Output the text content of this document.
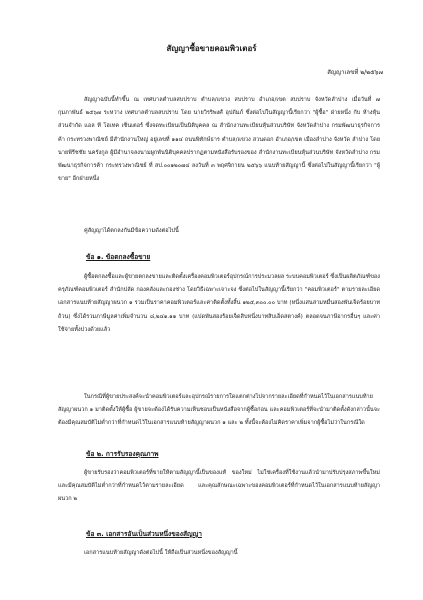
สัญญาซื้อขายคอมพิวเตอร์
สัญญาเลขที่ ๒/๒๕๖๗

สัญญาฉบับนี้ทำขึ้น ณ เทศบาลตำบลสบปราบ ตำบล/แขวง สบปราบ อำเภอ/เขต สบปราบ จังหวัดลำปาง เมื่อวันที่ ๗ กุมภาพันธ์ ๒๕๖๗ ระหว่าง เทศบาลตำบลสบปราบ โดย นายวิรริพงศ์ อุปถัมภ์ ซึ่งต่อไปในสัญญานี้เรียกว่า "ผู้ซื้อ" ฝ่ายหนึ่ง กับ ห้างหุ้นส่วนจำกัด แอล ที โฮเทค เซ็นเตอร์ ซึ่งจดทะเบียนเป็นนิติบุคคล ณ สำนักงานทะเบียนหุ้นส่วนบริษัท จังหวัดลำปาง กรมพัฒนาธุรกิจการค้า กระทรวงพาณิชย์ มีสำนักงานใหญ่ อยู่เลขที่ ๑๑๔ ถนนพิทักษ์ธาร ตำบล/แขวง สวนดอก อำเภอ/เขต เมืองลำปาง จังหวัด ลำปาง โดยนายพีรีชชัย นครังกูล ผู้มีอำนาจลงนามผูกพันนิติบุคคลปรากฏตามหนังสือรับรองของ สำนักงานทะเบียนหุ้นส่วนบริษัท จังหวัดลำปาง กรมพัฒนาธุรกิจการค้า กระทรวงพาณิชย์ ที่ สป.๐๐๑๒๐๗๔ ลงวันที่ ๓ พฤศจิกายน ๒๕๖๖ แนบท้ายสัญญานี้ ซึ่งต่อไปในสัญญานี้เรียกว่า "ผู้ขาย" อีกฝ่ายหนึ่ง

คู่สัญญาได้ตกลงกันมีข้อความดังต่อไปนี้

ข้อ ๑. ข้อตกลงซื้อขาย

ผู้ซื้อตกลงซื้อและผู้ขายตกลงขายและติดตั้งเครื่องคอมพิวเตอร์อุปกรณ์การประมวลผล ระบบคอมพิวเตอร์ ซึ่งเป็นผลิตภัณฑ์ของ ครุภัณฑ์คอมพิวเตอร์ สำนักปลัด กองคลังและกองช่าง โดยวิธีเฉพาะเจาะจง ซึ่งต่อไปในสัญญานี้เรียกว่า "คอมพิวเตอร์" ตามรายละเอียดเอกสารแนบท้ายสัญญาผนวก ๑ รวมเป็นราคาคอมพิวเตอร์และค่าติดตั้งทั้งสิ้น ๑๒๕,๓๐๐.๐๐ บาท (หนึ่งแสนสามหมื่นสองพันเจ็ดร้อยบาทถ้วน) ซึ่งได้รวมภาษีมูลค่าเพิ่มจำนวน ๘,๒๔๑.๑๑ บาท (แปดพันสองร้อยเจ็ดสิบหนึ่งบาทสิบเอ็ดสตางค์) ตลอดจนภาษีอากรอื่นๆ และค่าใช้จ่ายทั้งปวงด้วยแล้ว

ในกรณีที่ผู้ขายประสงค์จะนำคอมพิวเตอร์และอุปกรณ์รายการใดแตกต่างไปจากรายละเอียดที่กำหนดไว้ในเอกสารแนบท้ายสัญญาผนวก ๑ มาติดตั้งให้ผู้ซื้อ ผู้ขายจะต้องได้รับความเห็นชอบเป็นหนังสือจากผู้ซื้อก่อน และคอมพิวเตอร์ที่จะนำมาติดตั้งดังกล่าวนั้นจะต้องมีคุณสมบัติไม่ต่ำกว่าที่กำหนดไว้ในเอกสารแนบท้ายสัญญาผนวก ๑ และ ๒ ทั้งนี้จะต้องไม่คิดราคาเพิ่มจากผู้ซื้อไม่ว่าในกรณีใด

ข้อ ๒. การรับรองคุณภาพ

ผู้ขายรับรองว่าคอมพิวเตอร์ที่ขายให้ตามสัญญานี้เป็นของแท้ ของใหม่ ไม่ใช่เครื่องที่ใช้งานแล้วนำมาปรับปรุงสภาพขึ้นใหม่และมีคุณสมบัติไม่ต่ำกว่าที่กำหนดไว้ตามรายละเอียด และคุณลักษณะเฉพาะของคอมพิวเตอร์ที่กำหนดไว้ในเอกสารแนบท้ายสัญญาผนวก ๒

ข้อ ๓. เอกสารอันเป็นส่วนหนึ่งของสัญญา

เอกสารแนบท้ายสัญญาดังต่อไปนี้ ให้ถือเป็นส่วนหนึ่งของสัญญานี้
